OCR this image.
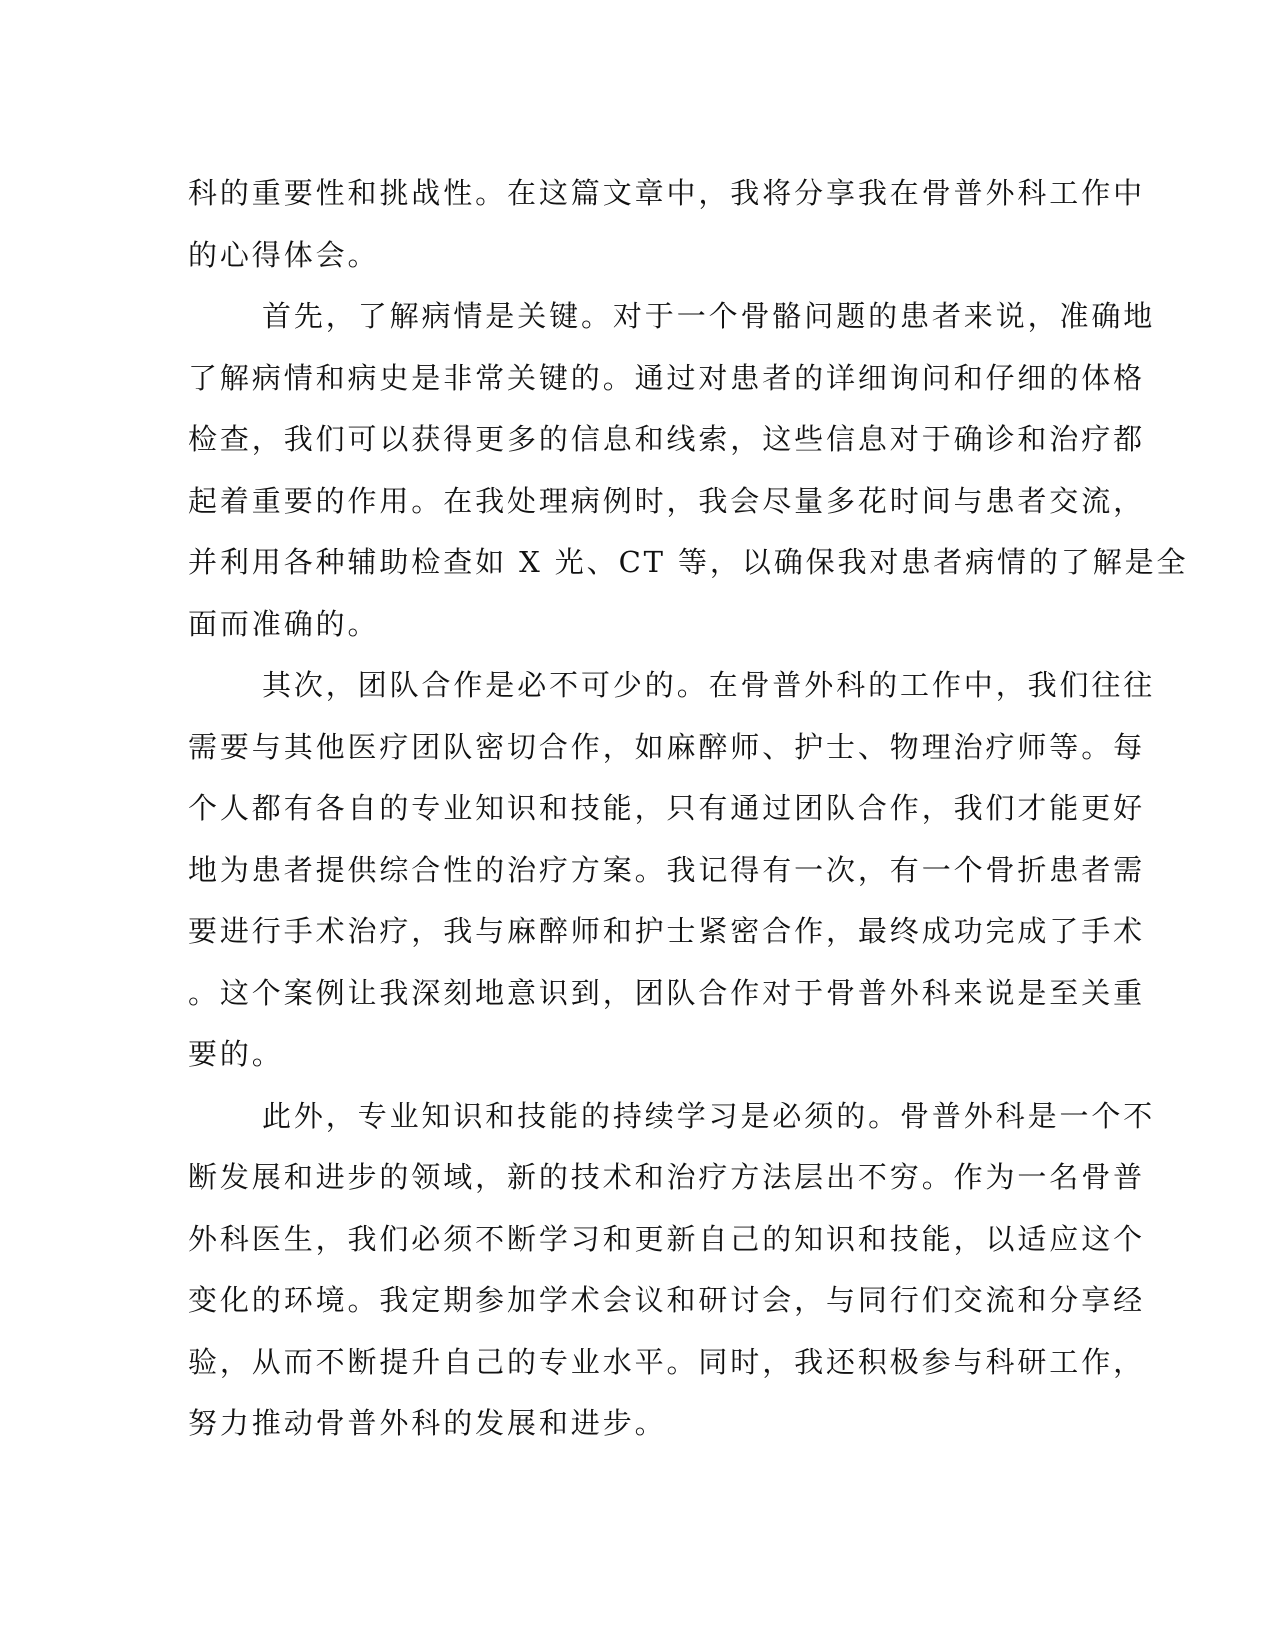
科的重要性和挑战性。在这篇文章中，我将分享我在骨普外科工作中
的心得体会。
首先，了解病情是关键。对于一个骨骼问题的患者来说，准确地
了解病情和病史是非常关键的。通过对患者的详细询问和仔细的体格
检查，我们可以获得更多的信息和线索，这些信息对于确诊和治疗都
起着重要的作用。在我处理病例时，我会尽量多花时间与患者交流，
并利用各种辅助检查如 X 光、CT 等，以确保我对患者病情的了解是全
面而准确的。
其次，团队合作是必不可少的。在骨普外科的工作中，我们往往
需要与其他医疗团队密切合作，如麻醉师、护士、物理治疗师等。每
个人都有各自的专业知识和技能，只有通过团队合作，我们才能更好
地为患者提供综合性的治疗方案。我记得有一次，有一个骨折患者需
要进行手术治疗，我与麻醉师和护士紧密合作，最终成功完成了手术
。这个案例让我深刻地意识到，团队合作对于骨普外科来说是至关重
要的。
此外，专业知识和技能的持续学习是必须的。骨普外科是一个不
断发展和进步的领域，新的技术和治疗方法层出不穷。作为一名骨普
外科医生，我们必须不断学习和更新自己的知识和技能，以适应这个
变化的环境。我定期参加学术会议和研讨会，与同行们交流和分享经
验，从而不断提升自己的专业水平。同时，我还积极参与科研工作，
努力推动骨普外科的发展和进步。
